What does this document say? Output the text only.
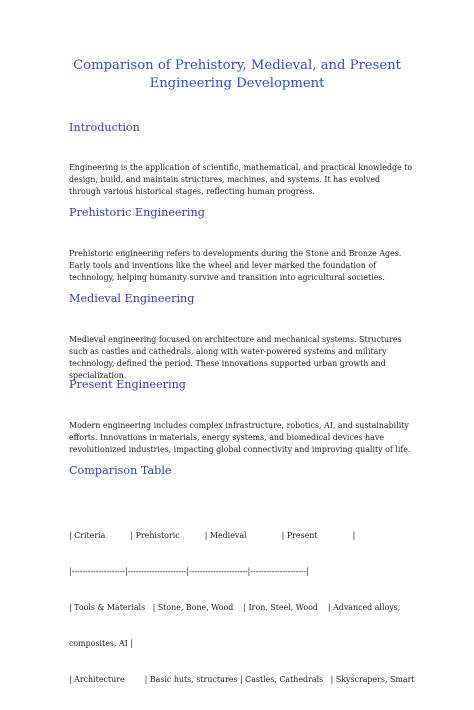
Comparison of Prehistory, Medieval, and Present Engineering Development
Introduction

Engineering is the application of scientific, mathematical, and practical knowledge to design, build, and maintain structures, machines, and systems. It has evolved through various historical stages, reflecting human progress.

Prehistoric Engineering

Prehistoric engineering refers to developments during the Stone and Bronze Ages. Early tools and inventions like the wheel and lever marked the foundation of technology, helping humanity survive and transition into agricultural societies.

Medieval Engineering

Medieval engineering focused on architecture and mechanical systems. Structures such as castles and cathedrals, along with water-powered systems and military technology, defined the period. These innovations supported urban growth and specialization.

Present Engineering

Modern engineering includes complex infrastructure, robotics, AI, and sustainability efforts. Innovations in materials, energy systems, and biomedical devices have revolutionized industries, impacting global connectivity and improving quality of life.

Comparison Table

| Criteria          | Prehistoric          | Medieval              | Present              |

|--------------------|----------------------|----------------------|---------------------|

| Tools & Materials   | Stone, Bone, Wood    | Iron, Steel, Wood    | Advanced alloys,

composites, AI |

| Architecture        | Basic huts, structures | Castles, Cathedrals   | Skyscrapers, Smart
